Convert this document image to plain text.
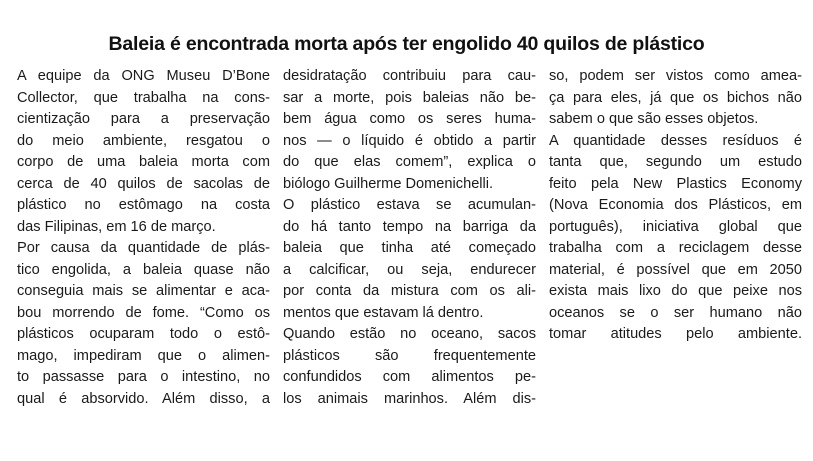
Baleia é encontrada morta após ter engolido 40 quilos de plástico
A equipe da ONG Museu D’Bone
Collector, que trabalha na cons-
cientização para a preservação
do meio ambiente, resgatou o
corpo de uma baleia morta com
cerca de 40 quilos de sacolas de
plástico no estômago na costa
das Filipinas, em 16 de março.
Por causa da quantidade de plás-
tico engolida, a baleia quase não
conseguia mais se alimentar e aca-
bou morrendo de fome. “Como os
plásticos ocuparam todo o estô-
mago, impediram que o alimen-
to passasse para o intestino, no
qual é absorvido. Além disso, a
desidratação contribuiu para cau-
sar a morte, pois baleias não be-
bem água como os seres huma-
nos — o líquido é obtido a partir
do que elas comem”, explica o
biólogo Guilherme Domenichelli.
O plástico estava se acumulan-
do há tanto tempo na barriga da
baleia que tinha até começado
a calcificar, ou seja, endurecer
por conta da mistura com os ali-
mentos que estavam lá dentro.
Quando estão no oceano, sacos
plásticos são frequentemente
confundidos com alimentos pe-
los animais marinhos. Além dis-
so, podem ser vistos como amea-
ça para eles, já que os bichos não
sabem o que são esses objetos.
A quantidade desses resíduos é
tanta que, segundo um estudo
feito pela New Plastics Economy
(Nova Economia dos Plásticos, em
português), iniciativa global que
trabalha com a reciclagem desse
material, é possível que em 2050
exista mais lixo do que peixe nos
oceanos se o ser humano não
tomar atitudes pelo ambiente.
